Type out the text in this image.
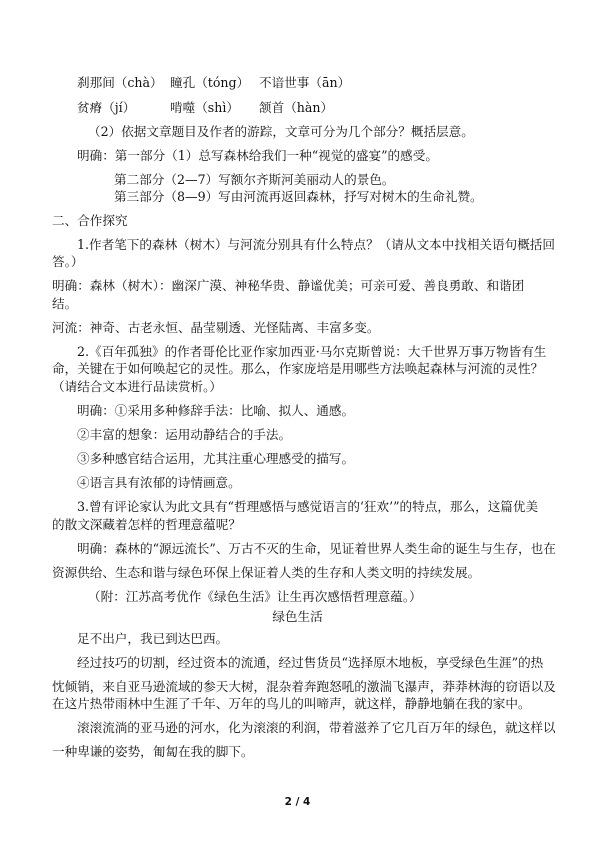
刹那间（chà） 瞳孔（tóng） 不谙世事（ān）
贫瘠（jí）	啃噬（shì） 颔首（hàn）
（2）依据文章题目及作者的游踪，文章可分为几个部分？概括层意。
明确：第一部分（1）总写森林给我们一种“视觉的盛宴”的感受。
第二部分（2—7）写额尔齐斯河美丽动人的景色。
第三部分（8—9）写由河流再返回森林，抒写对树木的生命礼赞。
二、合作探究
1.作者笔下的森林（树木）与河流分别具有什么特点？（请从文本中找相关语句概括回
答。）
明确：森林（树木）：幽深广漠、神秘华贵、静谧优美；可亲可爱、善良勇敢、和谐团
结。
河流：神奇、古老永恒、晶莹剔透、光怪陆离、丰富多变。
2.《百年孤独》的作者哥伦比亚作家加西亚·马尔克斯曾说：大千世界万事万物皆有生
命，关键在于如何唤起它的灵性。那么，作家庞培是用哪些方法唤起森林与河流的灵性？
（请结合文本进行品读赏析。）
明确：①采用多种修辞手法：比喻、拟人、通感。
②丰富的想象：运用动静结合的手法。
③多种感官结合运用，尤其注重心理感受的描写。
④语言具有浓郁的诗情画意。
3.曾有评论家认为此文具有“哲理感悟与感觉语言的‘狂欢’”的特点，那么，这篇优美
的散文深藏着怎样的哲理意蕴呢？
明确：森林的“源远流长”、万古不灭的生命，见证着世界人类生命的诞生与生存，也在
资源供给、生态和谐与绿色环保上保证着人类的生存和人类文明的持续发展。
（附：江苏高考优作《绿色生活》让生再次感悟哲理意蕴。）
绿色生活
足不出户，我已到达巴西。
经过技巧的切割，经过资本的流通，经过售货员“选择原木地板，享受绿色生涯”的热
忱倾销，来自亚马逊流域的参天大树，混杂着奔跑怒吼的激湍飞瀑声，莽莽林海的窃语以及
在这片热带雨林中生涯了千年、万年的鸟儿的叫啼声，就这样，静静地躺在我的家中。
滚滚流淌的亚马逊的河水，化为滚滚的利润，带着滋养了它几百万年的绿色，就这样以
一种卑谦的姿势，匍匐在我的脚下。
2 / 4
